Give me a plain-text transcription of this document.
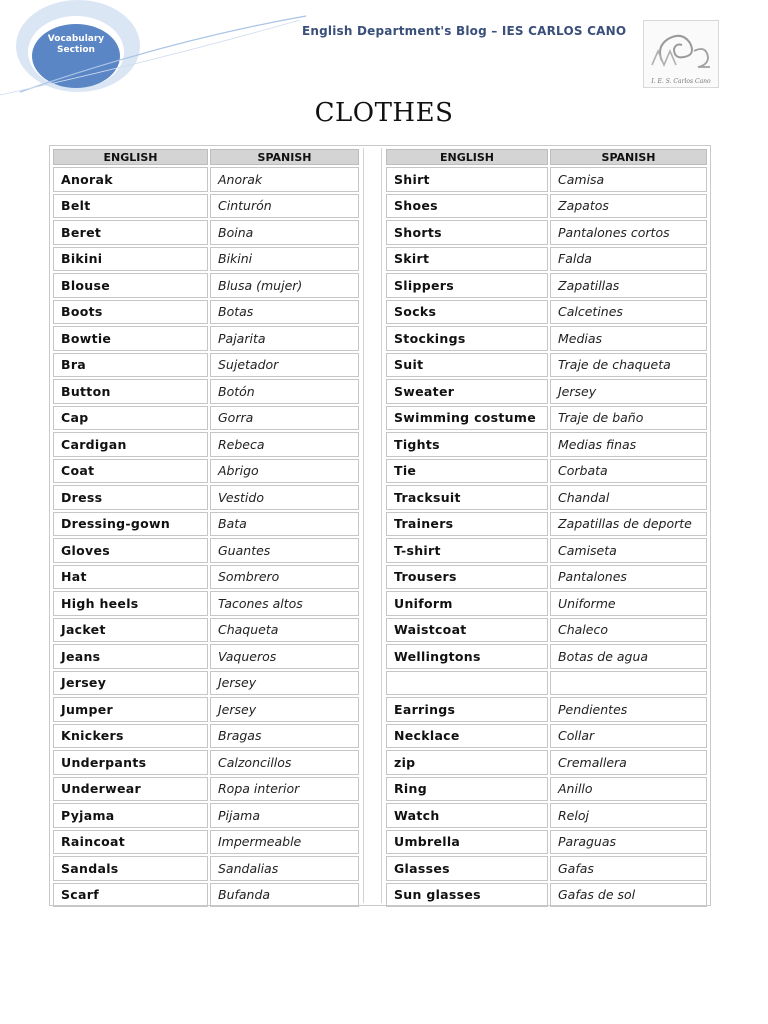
Vocabulary
Section
English Department's Blog – IES CARLOS CANO
I. E. S. Carlos Cano
CLOTHES
ENGLISH	SPANISH
Anorak	Anorak
Belt	Cinturón
Beret	Boina
Bikini	Bikini
Blouse	Blusa (mujer)
Boots	Botas
Bowtie	Pajarita
Bra	Sujetador
Button	Botón
Cap	Gorra
Cardigan	Rebeca
Coat	Abrigo
Dress	Vestido
Dressing-gown	Bata
Gloves	Guantes
Hat	Sombrero
High heels	Tacones altos
Jacket	Chaqueta
Jeans	Vaqueros
Jersey	Jersey
Jumper	Jersey
Knickers	Bragas
Underpants	Calzoncillos
Underwear	Ropa interior
Pyjama	Pijama
Raincoat	Impermeable
Sandals	Sandalias
Scarf	Bufanda
ENGLISH	SPANISH
Shirt	Camisa
Shoes	Zapatos
Shorts	Pantalones cortos
Skirt	Falda
Slippers	Zapatillas
Socks	Calcetines
Stockings	Medias
Suit	Traje de chaqueta
Sweater	Jersey
Swimming costume	Traje de baño
Tights	Medias finas
Tie	Corbata
Tracksuit	Chandal
Trainers	Zapatillas de deporte
T-shirt	Camiseta
Trousers	Pantalones
Uniform	Uniforme
Waistcoat	Chaleco
Wellingtons	Botas de agua
Earrings	Pendientes
Necklace	Collar
zip	Cremallera
Ring	Anillo
Watch	Reloj
Umbrella	Paraguas
Glasses	Gafas
Sun glasses	Gafas de sol
